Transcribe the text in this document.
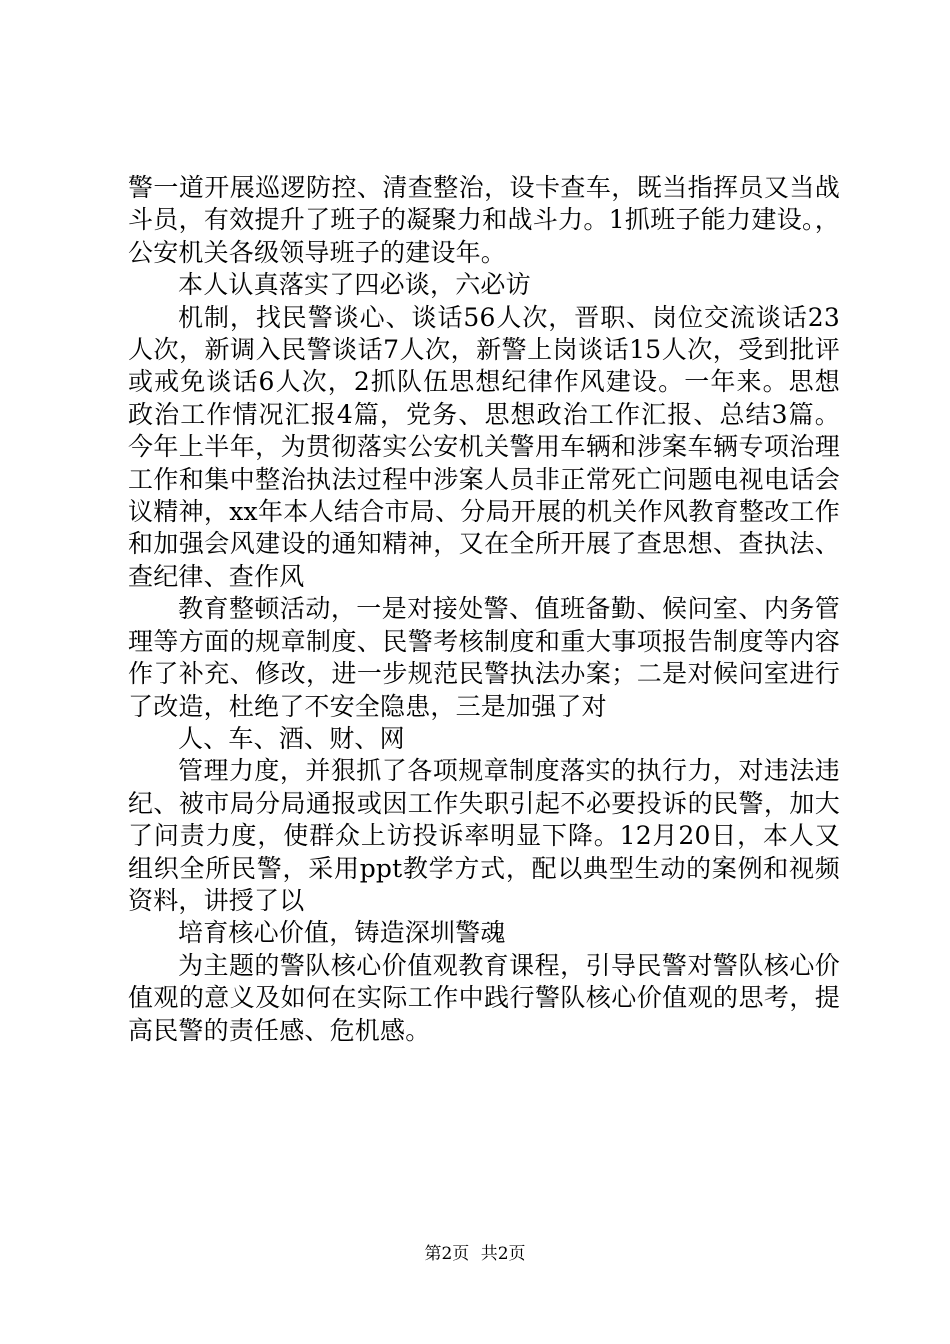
警一道开展巡逻防控、清查整治，设卡查车，既当指挥员又当战斗员，有效提升了班子的凝聚力和战斗力。1抓班子能力建设。，公安机关各级领导班子的建设年。

本人认真落实了四必谈，六必访

机制，找民警谈心、谈话56人次，晋职、岗位交流谈话23人次，新调入民警谈话7人次，新警上岗谈话15人次，受到批评或戒免谈话6人次，2抓队伍思想纪律作风建设。一年来。思想政治工作情况汇报4篇，党务、思想政治工作汇报、总结3篇。今年上半年，为贯彻落实公安机关警用车辆和涉案车辆专项治理工作和集中整治执法过程中涉案人员非正常死亡问题电视电话会议精神，xx年本人结合市局、分局开展的机关作风教育整改工作和加强会风建设的通知精神，又在全所开展了查思想、查执法、查纪律、查作风

教育整顿活动，一是对接处警、值班备勤、候问室、内务管理等方面的规章制度、民警考核制度和重大事项报告制度等内容作了补充、修改，进一步规范民警执法办案；二是对候问室进行了改造，杜绝了不安全隐患，三是加强了对

人、车、酒、财、网

管理力度，并狠抓了各项规章制度落实的执行力，对违法违纪、被市局分局通报或因工作失职引起不必要投诉的民警，加大了问责力度，使群众上访投诉率明显下降。12月20日，本人又组织全所民警，采用ppt教学方式，配以典型生动的案例和视频资料，讲授了以

培育核心价值，铸造深圳警魂

为主题的警队核心价值观教育课程，引导民警对警队核心价值观的意义及如何在实际工作中践行警队核心价值观的思考，提高民警的责任感、危机感。

第2页 共2页
